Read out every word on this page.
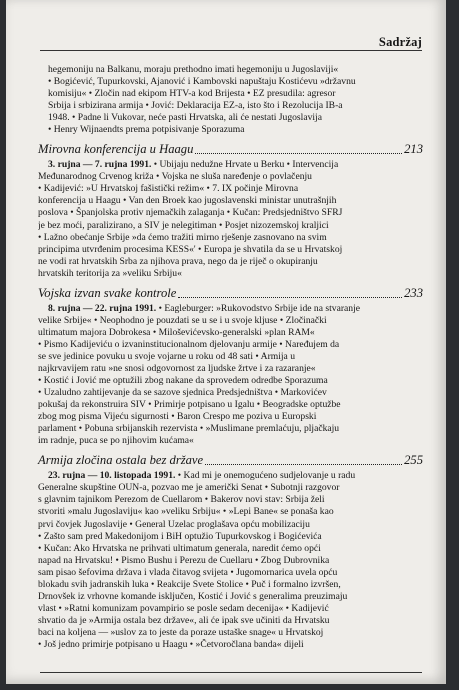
Sadržaj
hegemoniju na Balkanu, moraju prethodno imati hegemoniju u Jugoslaviji«
• Bogićević, Tupurkovski, Ajanović i Kambovski napuštaju Kostićevu »državnu
komisiju« • Zločin nad ekipom HTV-a kod Brijesta • EZ presudila: agresor
Srbija i srbizirana armija • Jović: Deklaracija EZ-a, isto što i Rezolucija IB-a
1948. • Padne li Vukovar, neće pasti Hrvatska, ali će nestati Jugoslavija
• Henry Wijnaendts prema potpisivanje Sporazuma
Mirovna konferencija u Haagu	213
3. rujna — 7. rujna 1991. • Ubijaju nedužne Hrvate u Berku • Intervencija
Međunarodnog Crvenog križa • Vojska ne sluša naređenje o povlačenju
• Kadijević: »U Hrvatskoj fašistički režim« • 7. IX počinje Mirovna
konferencija u Haagu • Van den Broek kao jugoslavenski ministar unutrašnjih
poslova • Španjolska protiv njemačkih zalaganja • Kučan: Predsjedništvo SFRJ
je bez moći, paralizirano, a SIV je nelegitiman • Posjet nizozemskoj kraljici
• Lažno obećanje Srbije »da ćemo tražiti mirno rješenje zasnovano na svim
principima utvrđenim procesima KESS«' • Europa je shvatila da se u Hrvatskoj
ne vodi rat hrvatskih Srba za njihova prava, nego da je riječ o okupiranju
hrvatskih teritorija za »veliku Srbiju«
Vojska izvan svake kontrole	233
8. rujna — 22. rujna 1991. • Eagleburger: »Rukovodstvo Srbije ide na stvaranje
velike Srbije« • Neophodno je pouzdati se u se i u svoje kljuse • Zločinački
ultimatum majora Dobrokesa • Miloševićevsko-generalski »plan RAM«
• Pismo Kadijeviću o izvaninstitucionalnom djelovanju armije • Naređujem da
se sve jedinice povuku u svoje vojarne u roku od 48 sati • Armija u
najkrvavijem ratu »ne snosi odgovornost za ljudske žrtve i za razaranje«
• Kostić i Jović me optužili zbog nakane da sprovedem odredbe Sporazuma
• Uzaludno zahtijevanje da se sazove sjednica Predsjedništva • Markovićev
pokušaj da rekonstruira SIV • Primirje potpisano u Igalu • Beogradske optužbe
zbog mog pisma Vijeću sigurnosti • Baron Crespo me poziva u Europski
parlament • Pobuna srbijanskih rezervista • »Muslimane premlaćuju, pljačkaju
im radnje, puca se po njihovim kućama«
Armija zločina ostala bez države	255
23. rujna — 10. listopada 1991. • Kad mi je onemogućeno sudjelovanje u radu
Generalne skupštine OUN-a, pozvao me je američki Senat • Subotnji razgovor
s glavnim tajnikom Perezom de Cuellarom • Bakerov novi stav: Srbija želi
stvoriti »malu Jugoslaviju« kao »veliku Srbiju« • »Lepi Bane« se ponaša kao
prvi čovjek Jugoslavije • General Uzelac proglašava opću mobilizaciju
• Zašto sam pred Makedonijom i BiH optužio Tupurkovskog i Bogićevića
• Kučan: Ako Hrvatska ne prihvati ultimatum generala, naredit ćemo opći
napad na Hrvatsku! • Pismo Bushu i Perezu de Cuellaru • Zbog Dubrovnika
sam pisao šefovima država i vlada čitavog svijeta • Jugomornarica uvela opću
blokadu svih jadranskih luka • Reakcije Svete Stolice • Puč i formalno izvršen,
Drnovšek iz vrhovne komande isključen, Kostić i Jović s generalima preuzimaju
vlast • »Ratni komunizam povampirio se posle sedam decenija« • Kadijević
shvatio da je »Armija ostala bez države«, ali će ipak sve učiniti da Hrvatsku
baci na koljena — »uslov za to jeste da poraze ustaške snage« u Hrvatskoj
• Još jedno primirje potpisano u Haagu • »Četvoročlana banda« dijeli
